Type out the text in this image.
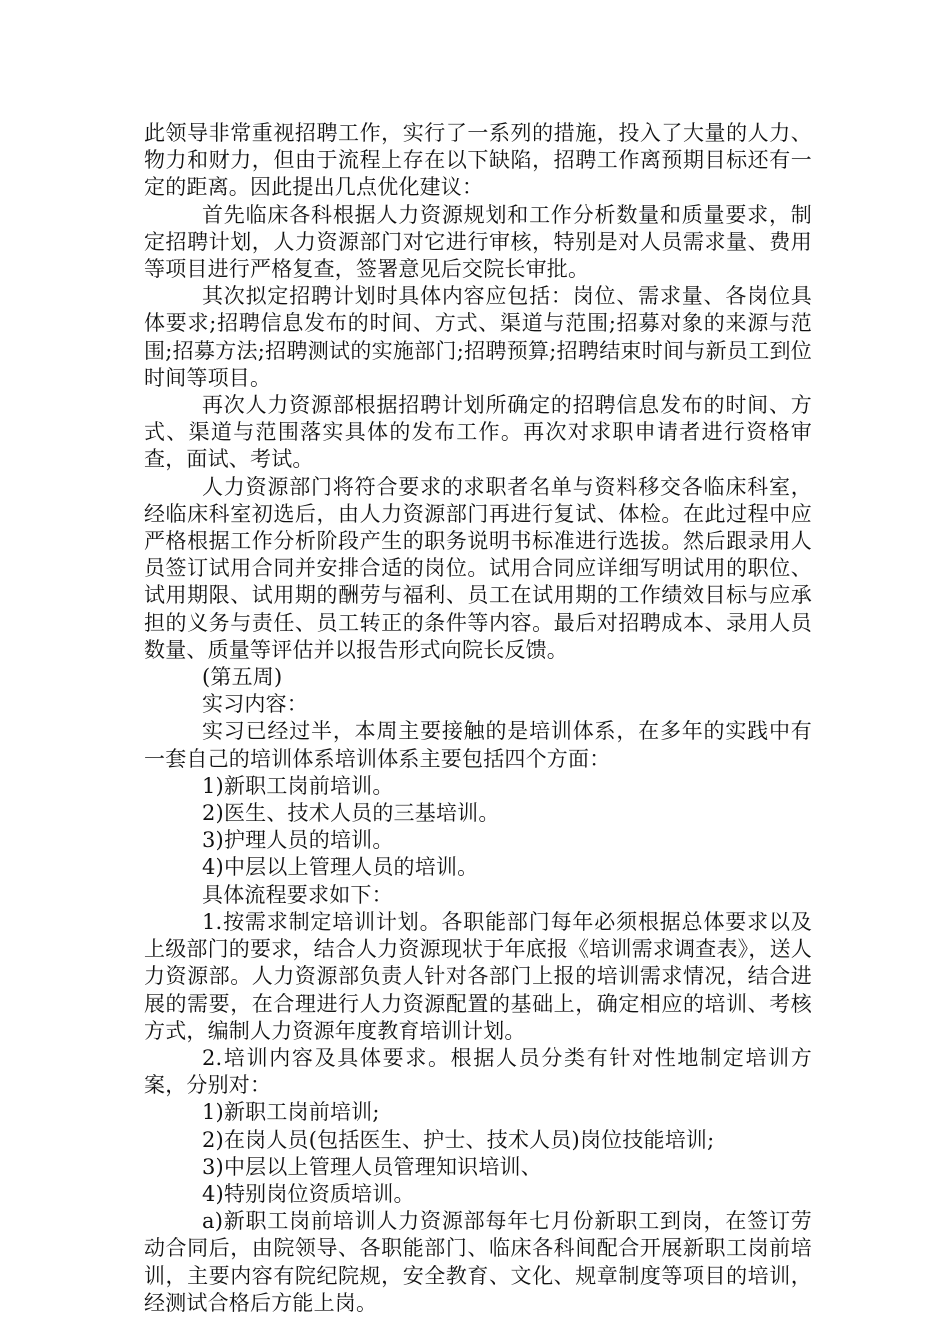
此领导非常重视招聘工作，实行了一系列的措施，投入了大量的人力、物力和财力，但由于流程上存在以下缺陷，招聘工作离预期目标还有一定的距离。因此提出几点优化建议：

首先临床各科根据人力资源规划和工作分析数量和质量要求，制定招聘计划，人力资源部门对它进行审核，特别是对人员需求量、费用等项目进行严格复查，签署意见后交院长审批。

其次拟定招聘计划时具体内容应包括：岗位、需求量、各岗位具体要求;招聘信息发布的时间、方式、渠道与范围;招募对象的来源与范围;招募方法;招聘测试的实施部门;招聘预算;招聘结束时间与新员工到位时间等项目。

再次人力资源部根据招聘计划所确定的招聘信息发布的时间、方式、渠道与范围落实具体的发布工作。再次对求职申请者进行资格审查，面试、考试。

人力资源部门将符合要求的求职者名单与资料移交各临床科室，经临床科室初选后，由人力资源部门再进行复试、体检。在此过程中应严格根据工作分析阶段产生的职务说明书标准进行选拔。然后跟录用人员签订试用合同并安排合适的岗位。试用合同应详细写明试用的职位、试用期限、试用期的酬劳与福利、员工在试用期的工作绩效目标与应承担的义务与责任、员工转正的条件等内容。最后对招聘成本、录用人员数量、质量等评估并以报告形式向院长反馈。

(第五周)

实习内容：

实习已经过半，本周主要接触的是培训体系，在多年的实践中有一套自己的培训体系培训体系主要包括四个方面：

1)新职工岗前培训。

2)医生、技术人员的三基培训。

3)护理人员的培训。

4)中层以上管理人员的培训。

具体流程要求如下：

1.按需求制定培训计划。各职能部门每年必须根据总体要求以及上级部门的要求，结合人力资源现状于年底报《培训需求调查表》，送人力资源部。人力资源部负责人针对各部门上报的培训需求情况，结合进展的需要，在合理进行人力资源配置的基础上，确定相应的培训、考核方式，编制人力资源年度教育培训计划。

2.培训内容及具体要求。根据人员分类有针对性地制定培训方案，分别对：

1)新职工岗前培训;

2)在岗人员(包括医生、护士、技术人员)岗位技能培训;

3)中层以上管理人员管理知识培训、

4)特别岗位资质培训。

a)新职工岗前培训人力资源部每年七月份新职工到岗，在签订劳动合同后，由院领导、各职能部门、临床各科间配合开展新职工岗前培训，主要内容有院纪院规，安全教育、文化、规章制度等项目的培训，经测试合格后方能上岗。
